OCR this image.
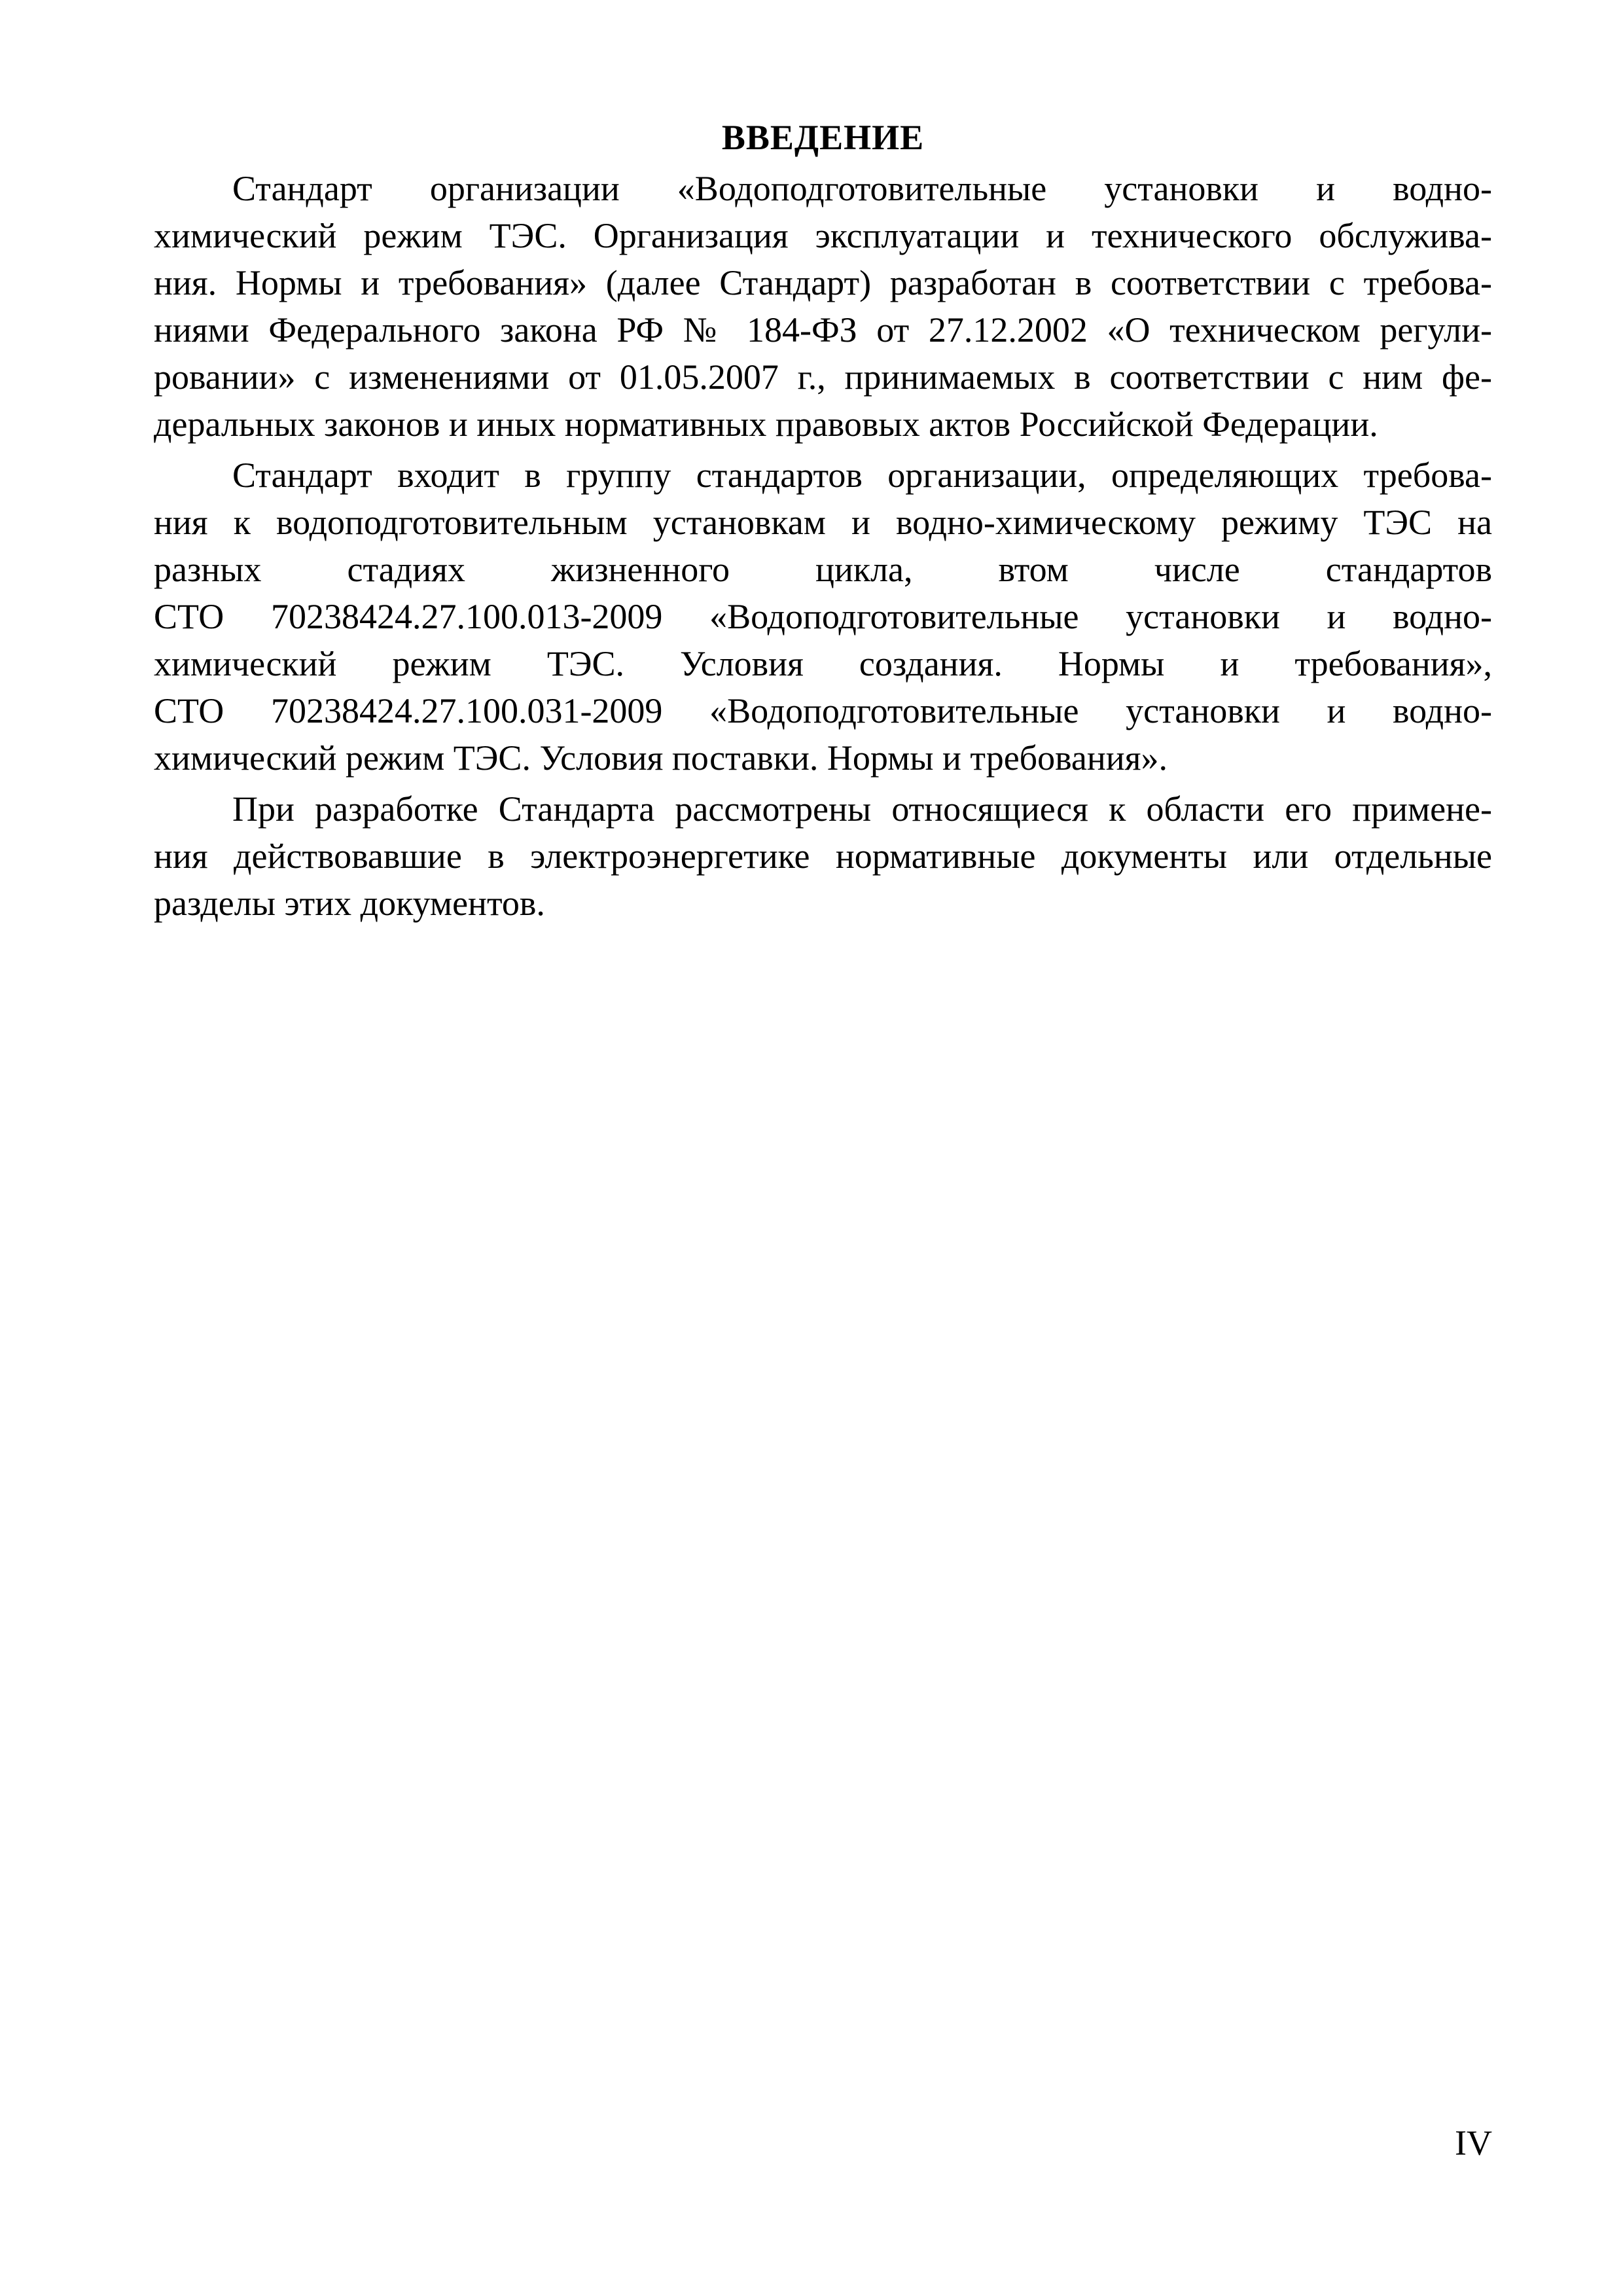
ВВЕДЕНИЕ

Стандарт организации «Водоподготовительные установки и водно-
химический режим ТЭС. Организация эксплуатации и технического обслужива-
ния. Нормы и требования» (далее Стандарт) разработан в соответствии с требова-
ниями Федерального закона РФ № 184-ФЗ от 27.12.2002 «О техническом регули-
ровании» с изменениями от 01.05.2007 г., принимаемых в соответствии с ним фе-
деральных законов и иных нормативных правовых актов Российской Федерации.

Стандарт входит в группу стандартов организации, определяющих требова-
ния к водоподготовительным установкам и водно-химическому режиму ТЭС на
разных стадиях жизненного цикла, втом числе стандартов
СТО 70238424.27.100.013-2009 «Водоподготовительные установки и водно-
химический режим ТЭС. Условия создания. Нормы и требования»,
СТО 70238424.27.100.031-2009 «Водоподготовительные установки и водно-
химический режим ТЭС. Условия поставки. Нормы и требования».

При разработке Стандарта рассмотрены относящиеся к области его примене-
ния действовавшие в электроэнергетике нормативные документы или отдельные
разделы этих документов.

IV
